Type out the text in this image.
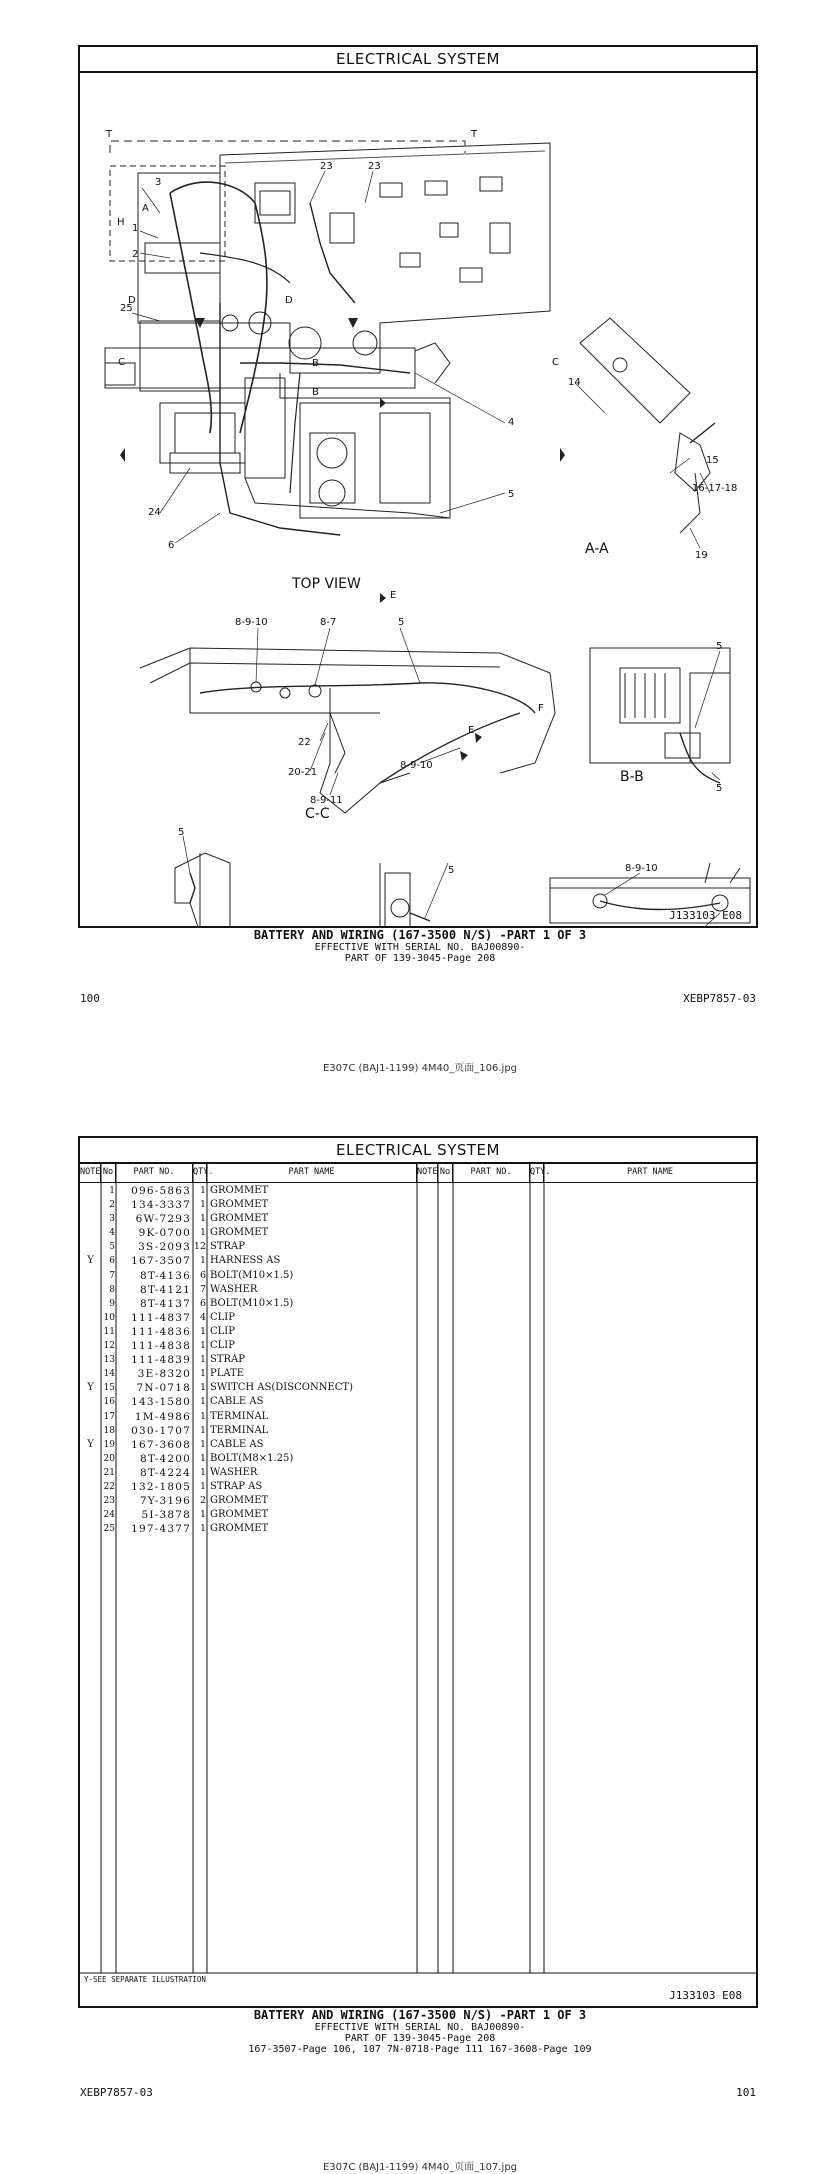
ELECTRICAL SYSTEM
1
2
3
4
5
6
23	23
24
25
14
15
16-17-18
19
8-9-10	8-7	5
22
20-21
8-9-11
8-9-10
5
5
5
5	8-9-10
A
H
D	D
B
B
C	C
E
E
F
T	T
TOP VIEW
A-A
B-B
C-C
J133103 E08
BATTERY AND WIRING (167-3500 N/S) -PART 1 OF 3
EFFECTIVE WITH SERIAL NO. BAJ00890-
PART OF 139-3045-Page 208
100	XEBP7857-03
E307C (BAJ1-1199) 4M40_页面_106.jpg
ELECTRICAL SYSTEM
Y-SEE SEPARATE ILLUSTRATION
J133103 E08
NOTE No	PART NO.	QTY.	PART NAME	NOTE No	PART NO.	QTY.	PART NAME
1	096-5863 1 GROMMET
2	134-3337 1 GROMMET
3	6W-7293 1 GROMMET
4	9K-0700 1 GROMMET
5	3S-2093 12 STRAP
Y	6	167-3507 1 HARNESS AS
7	8T-4136 6 BOLT(M10×1.5)
8	8T-4121 7 WASHER
9	8T-4137 6 BOLT(M10×1.5)
10	111-4837 4 CLIP
11	111-4836 1 CLIP
12	111-4838 1 CLIP
13	111-4839 1 STRAP
14	3E-8320 1 PLATE
Y	15	7N-0718 1 SWITCH AS(DISCONNECT)
16	143-1580 1 CABLE AS
17	1M-4986 1 TERMINAL
18	030-1707 1 TERMINAL
Y	19	167-3608 1 CABLE AS
20	8T-4200 1 BOLT(M8×1.25)
21	8T-4224 1 WASHER
22	132-1805 1 STRAP AS
23	7Y-3196 2 GROMMET
24	5I-3878 1 GROMMET
25	197-4377 1 GROMMET
BATTERY AND WIRING (167-3500 N/S) -PART 1 OF 3
EFFECTIVE WITH SERIAL NO. BAJ00890-
PART OF 139-3045-Page 208
167-3507-Page 106, 107 7N-0718-Page 111 167-3608-Page 109
XEBP7857-03	101
E307C (BAJ1-1199) 4M40_页面_107.jpg
